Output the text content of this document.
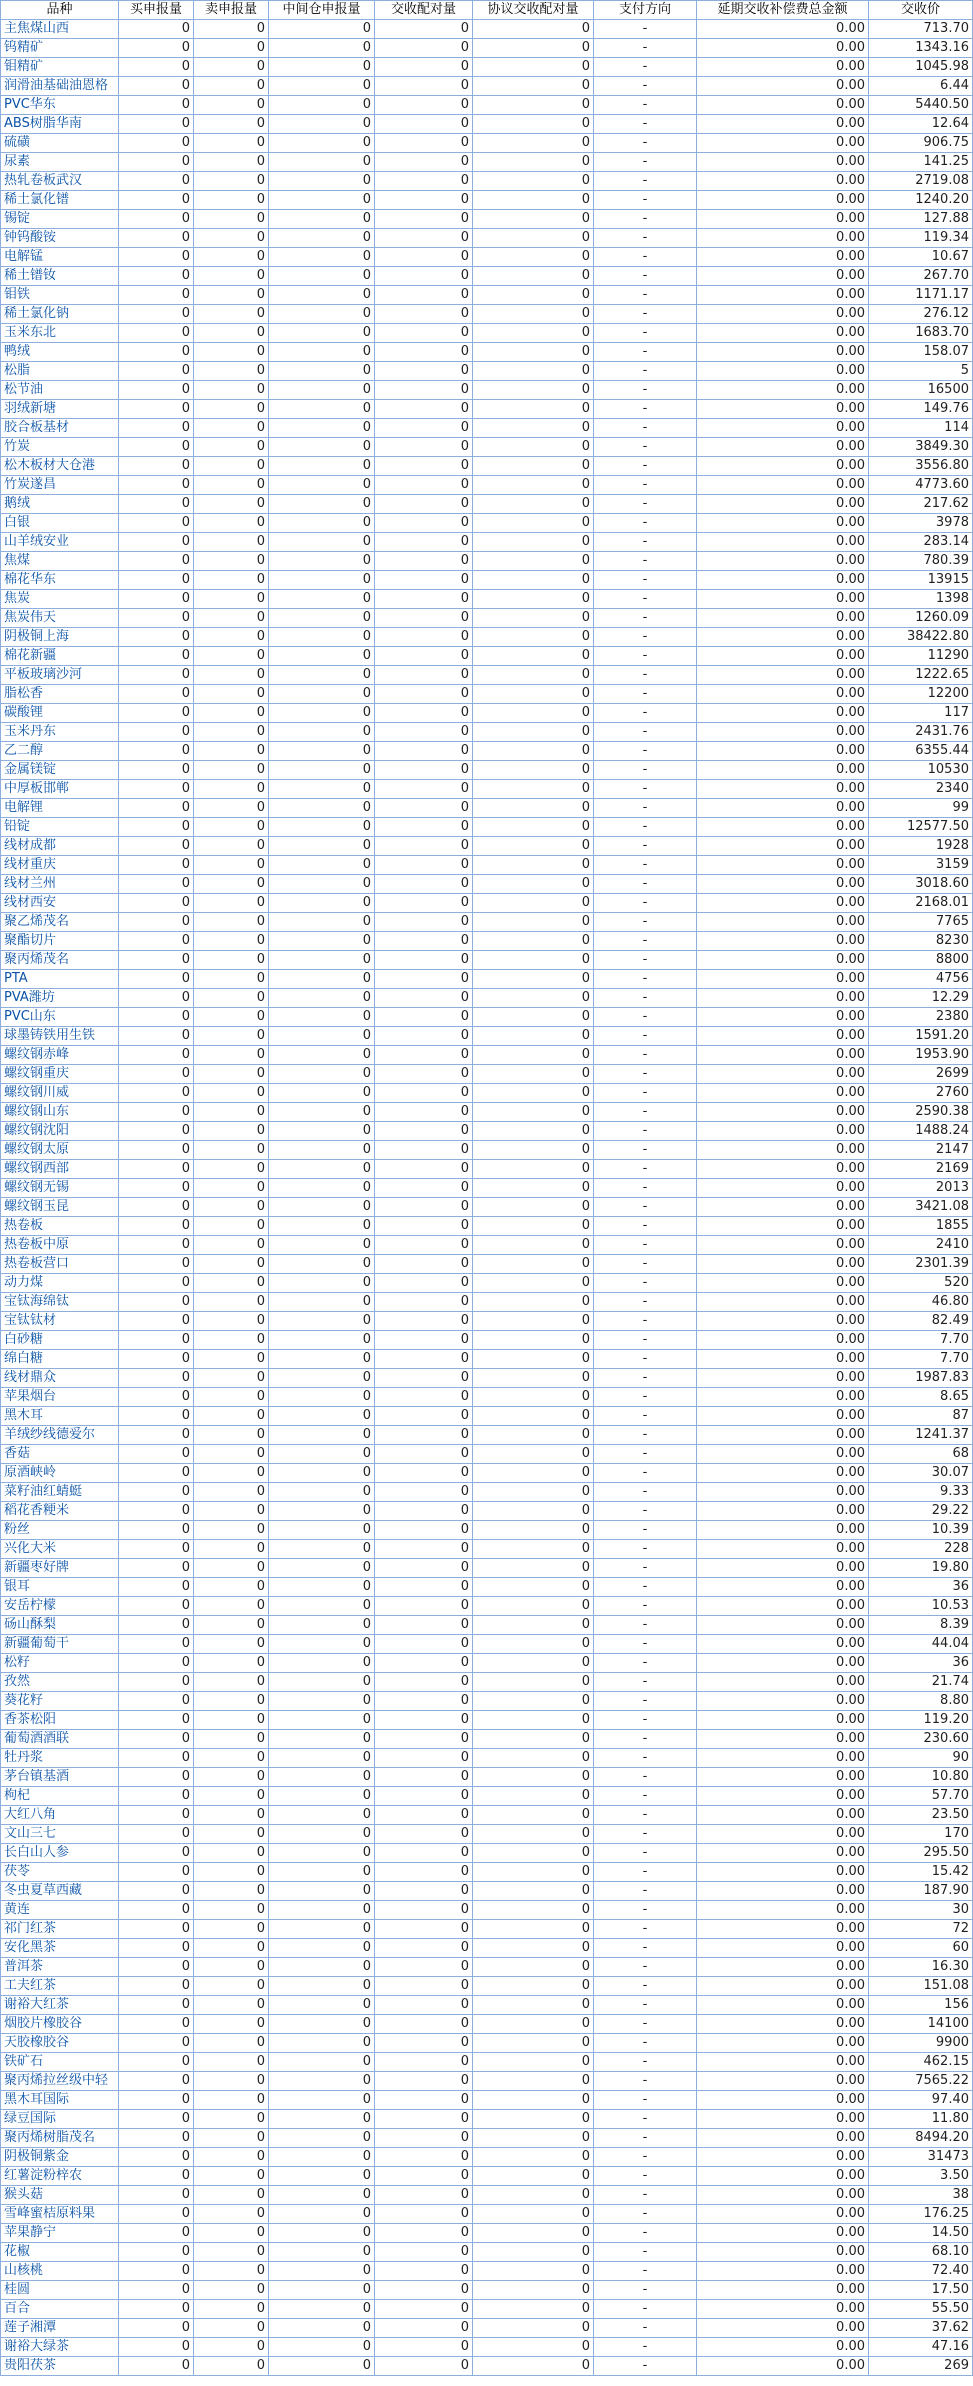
品种	买申报量	卖申报量	中间仓申报量	交收配对量	协议交收配对量	支付方向	延期交收补偿费总金额	交收价
主焦煤山西	0	0	0	0	0	-	0.00	713.70
钨精矿	0	0	0	0	0	-	0.00	1343.16
钼精矿	0	0	0	0	0	-	0.00	1045.98
润滑油基础油恩格	0	0	0	0	0	-	0.00	6.44
PVC华东	0	0	0	0	0	-	0.00	5440.50
ABS树脂华南	0	0	0	0	0	-	0.00	12.64
硫磺	0	0	0	0	0	-	0.00	906.75
尿素	0	0	0	0	0	-	0.00	141.25
热轧卷板武汉	0	0	0	0	0	-	0.00	2719.08
稀土氯化镨	0	0	0	0	0	-	0.00	1240.20
锡锭	0	0	0	0	0	-	0.00	127.88
钟钨酸铵	0	0	0	0	0	-	0.00	119.34
电解锰	0	0	0	0	0	-	0.00	10.67
稀土镨钕	0	0	0	0	0	-	0.00	267.70
钼铁	0	0	0	0	0	-	0.00	1171.17
稀土氯化钠	0	0	0	0	0	-	0.00	276.12
玉米东北	0	0	0	0	0	-	0.00	1683.70
鸭绒	0	0	0	0	0	-	0.00	158.07
松脂	0	0	0	0	0	-	0.00	5
松节油	0	0	0	0	0	-	0.00	16500
羽绒新塘	0	0	0	0	0	-	0.00	149.76
胶合板基材	0	0	0	0	0	-	0.00	114
竹炭	0	0	0	0	0	-	0.00	3849.30
松木板材大仓港	0	0	0	0	0	-	0.00	3556.80
竹炭遂昌	0	0	0	0	0	-	0.00	4773.60
鹅绒	0	0	0	0	0	-	0.00	217.62
白银	0	0	0	0	0	-	0.00	3978
山羊绒安业	0	0	0	0	0	-	0.00	283.14
焦煤	0	0	0	0	0	-	0.00	780.39
棉花华东	0	0	0	0	0	-	0.00	13915
焦炭	0	0	0	0	0	-	0.00	1398
焦炭伟天	0	0	0	0	0	-	0.00	1260.09
阴极铜上海	0	0	0	0	0	-	0.00	38422.80
棉花新疆	0	0	0	0	0	-	0.00	11290
平板玻璃沙河	0	0	0	0	0	-	0.00	1222.65
脂松香	0	0	0	0	0	-	0.00	12200
碳酸锂	0	0	0	0	0	-	0.00	117
玉米丹东	0	0	0	0	0	-	0.00	2431.76
乙二醇	0	0	0	0	0	-	0.00	6355.44
金属镁锭	0	0	0	0	0	-	0.00	10530
中厚板邯郸	0	0	0	0	0	-	0.00	2340
电解锂	0	0	0	0	0	-	0.00	99
铅锭	0	0	0	0	0	-	0.00	12577.50
线材成都	0	0	0	0	0	-	0.00	1928
线材重庆	0	0	0	0	0	-	0.00	3159
线材兰州	0	0	0	0	0	-	0.00	3018.60
线材西安	0	0	0	0	0	-	0.00	2168.01
聚乙烯茂名	0	0	0	0	0	-	0.00	7765
聚酯切片	0	0	0	0	0	-	0.00	8230
聚丙烯茂名	0	0	0	0	0	-	0.00	8800
PTA	0	0	0	0	0	-	0.00	4756
PVA潍坊	0	0	0	0	0	-	0.00	12.29
PVC山东	0	0	0	0	0	-	0.00	2380
球墨铸铁用生铁	0	0	0	0	0	-	0.00	1591.20
螺纹钢赤峰	0	0	0	0	0	-	0.00	1953.90
螺纹钢重庆	0	0	0	0	0	-	0.00	2699
螺纹钢川威	0	0	0	0	0	-	0.00	2760
螺纹钢山东	0	0	0	0	0	-	0.00	2590.38
螺纹钢沈阳	0	0	0	0	0	-	0.00	1488.24
螺纹钢太原	0	0	0	0	0	-	0.00	2147
螺纹钢西部	0	0	0	0	0	-	0.00	2169
螺纹钢无锡	0	0	0	0	0	-	0.00	2013
螺纹钢玉昆	0	0	0	0	0	-	0.00	3421.08
热卷板	0	0	0	0	0	-	0.00	1855
热卷板中原	0	0	0	0	0	-	0.00	2410
热卷板营口	0	0	0	0	0	-	0.00	2301.39
动力煤	0	0	0	0	0	-	0.00	520
宝钛海绵钛	0	0	0	0	0	-	0.00	46.80
宝钛钛材	0	0	0	0	0	-	0.00	82.49
白砂糖	0	0	0	0	0	-	0.00	7.70
绵白糖	0	0	0	0	0	-	0.00	7.70
线材鼎众	0	0	0	0	0	-	0.00	1987.83
苹果烟台	0	0	0	0	0	-	0.00	8.65
黑木耳	0	0	0	0	0	-	0.00	87
羊绒纱线德爱尔	0	0	0	0	0	-	0.00	1241.37
香菇	0	0	0	0	0	-	0.00	68
原酒峡岭	0	0	0	0	0	-	0.00	30.07
菜籽油红蜻蜓	0	0	0	0	0	-	0.00	9.33
稻花香粳米	0	0	0	0	0	-	0.00	29.22
粉丝	0	0	0	0	0	-	0.00	10.39
兴化大米	0	0	0	0	0	-	0.00	228
新疆枣好牌	0	0	0	0	0	-	0.00	19.80
银耳	0	0	0	0	0	-	0.00	36
安岳柠檬	0	0	0	0	0	-	0.00	10.53
砀山酥梨	0	0	0	0	0	-	0.00	8.39
新疆葡萄干	0	0	0	0	0	-	0.00	44.04
松籽	0	0	0	0	0	-	0.00	36
孜然	0	0	0	0	0	-	0.00	21.74
葵花籽	0	0	0	0	0	-	0.00	8.80
香茶松阳	0	0	0	0	0	-	0.00	119.20
葡萄酒酒联	0	0	0	0	0	-	0.00	230.60
牡丹浆	0	0	0	0	0	-	0.00	90
茅台镇基酒	0	0	0	0	0	-	0.00	10.80
枸杞	0	0	0	0	0	-	0.00	57.70
大红八角	0	0	0	0	0	-	0.00	23.50
文山三七	0	0	0	0	0	-	0.00	170
长白山人参	0	0	0	0	0	-	0.00	295.50
茯苓	0	0	0	0	0	-	0.00	15.42
冬虫夏草西藏	0	0	0	0	0	-	0.00	187.90
黄连	0	0	0	0	0	-	0.00	30
祁门红茶	0	0	0	0	0	-	0.00	72
安化黑茶	0	0	0	0	0	-	0.00	60
普洱茶	0	0	0	0	0	-	0.00	16.30
工夫红茶	0	0	0	0	0	-	0.00	151.08
谢裕大红茶	0	0	0	0	0	-	0.00	156
烟胶片橡胶谷	0	0	0	0	0	-	0.00	14100
天胶橡胶谷	0	0	0	0	0	-	0.00	9900
铁矿石	0	0	0	0	0	-	0.00	462.15
聚丙烯拉丝级中轻	0	0	0	0	0	-	0.00	7565.22
黑木耳国际	0	0	0	0	0	-	0.00	97.40
绿豆国际	0	0	0	0	0	-	0.00	11.80
聚丙烯树脂茂名	0	0	0	0	0	-	0.00	8494.20
阴极铜紫金	0	0	0	0	0	-	0.00	31473
红薯淀粉梓农	0	0	0	0	0	-	0.00	3.50
猴头菇	0	0	0	0	0	-	0.00	38
雪峰蜜桔原料果	0	0	0	0	0	-	0.00	176.25
苹果静宁	0	0	0	0	0	-	0.00	14.50
花椒	0	0	0	0	0	-	0.00	68.10
山核桃	0	0	0	0	0	-	0.00	72.40
桂圆	0	0	0	0	0	-	0.00	17.50
百合	0	0	0	0	0	-	0.00	55.50
莲子湘潭	0	0	0	0	0	-	0.00	37.62
谢裕大绿茶	0	0	0	0	0	-	0.00	47.16
贵阳茯茶	0	0	0	0	0	-	0.00	269
